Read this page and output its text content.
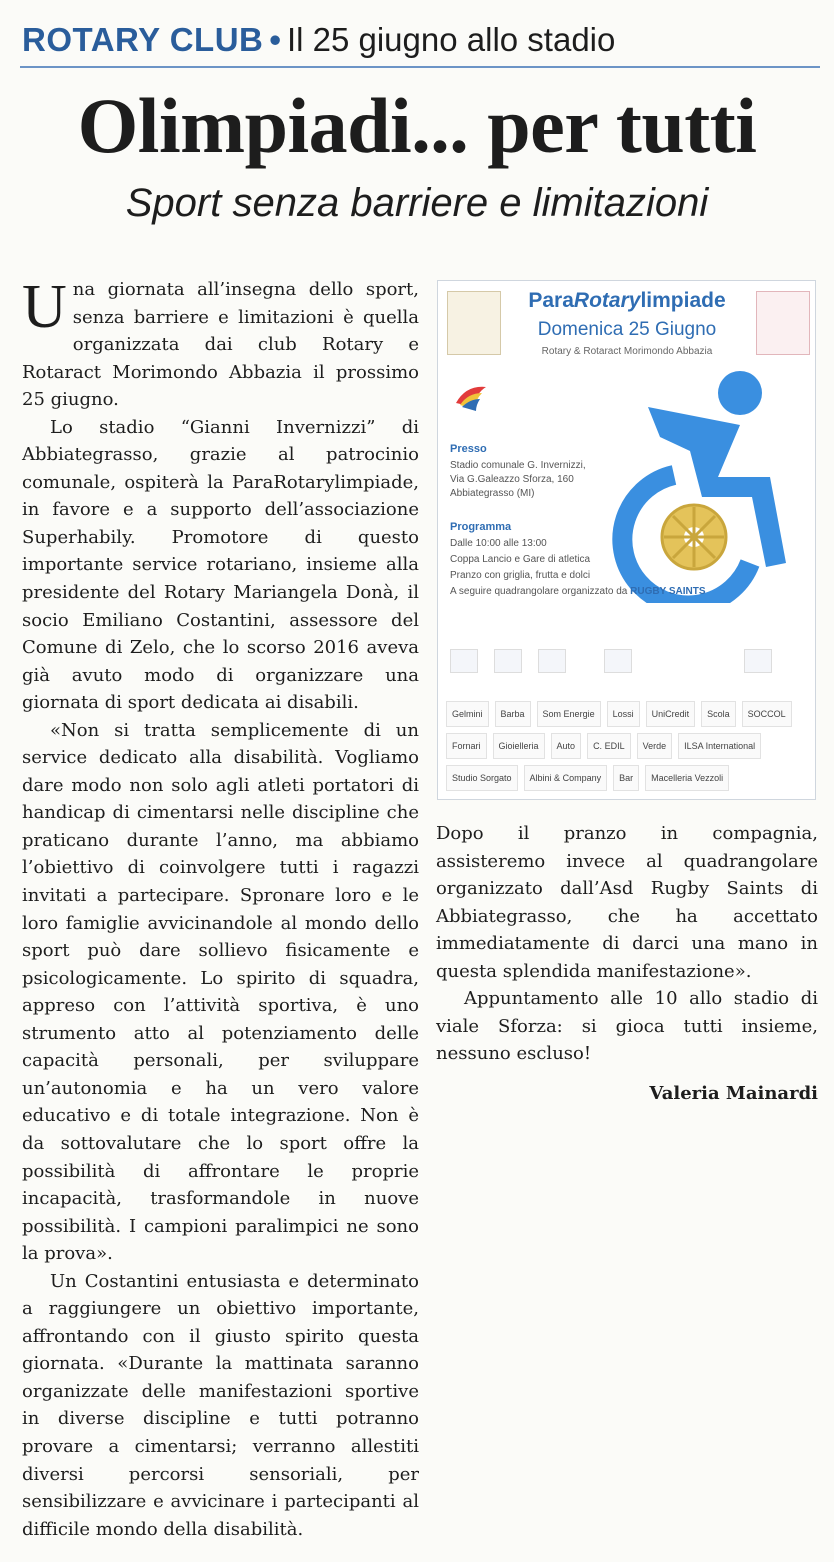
ROTARY CLUB • Il 25 giugno allo stadio
Olimpiadi... per tutti
Sport senza barriere e limitazioni

Una giornata all’insegna dello sport, senza barriere e limitazioni è quella organizzata dai club Rotary e Rotaract Morimondo Abbazia il prossimo 25 giugno.

Lo stadio “Gianni Invernizzi” di Abbiategrasso, grazie al patrocinio comunale, ospiterà la ParaRotarylimpiade, in favore e a supporto dell’associazione Superhabily. Promotore di questo importante service rotariano, insieme alla presidente del Rotary Mariangela Donà, il socio Emiliano Costantini, assessore del Comune di Zelo, che lo scorso 2016 aveva già avuto modo di organizzare una giornata di sport dedicata ai disabili.

«Non si tratta semplicemente di un service dedicato alla disabilità. Vogliamo dare modo non solo agli atleti portatori di handicap di cimentarsi nelle discipline che praticano durante l’anno, ma abbiamo l’obiettivo di coinvolgere tutti i ragazzi invitati a partecipare. Spronare loro e le loro famiglie avvicinandole al mondo dello sport può dare sollievo fisicamente e psicologicamente. Lo spirito di squadra, appreso con l’attività sportiva, è uno strumento atto al potenziamento delle capacità personali, per sviluppare un’autonomia e ha un vero valore educativo e di totale integrazione. Non è da sottovalutare che lo sport offre la possibilità di affrontare le proprie incapacità, trasformandole in nuove possibilità. I campioni paralimpici ne sono la prova».

Un Costantini entusiasta e determinato a raggiungere un obiettivo importante, affrontando con il giusto spirito questa giornata. «Durante la mattinata saranno organizzate delle manifestazioni sportive in diverse discipline e tutti potranno provare a cimentarsi; verranno allestiti diversi percorsi sensoriali, per sensibilizzare e avvicinare i partecipanti al difficile mondo della disabilità.

ParaRotarylimpiade
Domenica 25 Giugno
Rotary & Rotaract Morimondo Abbazia

Presso
Stadio comunale G. Invernizzi,
Via G.Galeazzo Sforza, 160
Abbiategrasso (MI)
Programma
Dalle 10:00 alle 13:00
Coppa Lancio e Gare di atletica
Pranzo con griglia, frutta e dolci
A seguire quadrangolare organizzato da RUGBY SAINTS
Gelmini	Barba	Som Energie	Lossi	UniCredit	Scola	SOCCOL
Fornari	Gioielleria	Auto	C. EDIL	Verde	ILSA International
Studio Sorgato	Albini & Company	Bar	Macelleria Vezzoli

Dopo il pranzo in compagnia, assisteremo invece al quadrangolare organizzato dall’Asd Rugby Saints di Abbiategrasso, che ha accettato immediatamente di darci una mano in questa splendida manifestazione».

Appuntamento alle 10 allo stadio di viale Sforza: si gioca tutti insieme, nessuno escluso!

Valeria Mainardi
